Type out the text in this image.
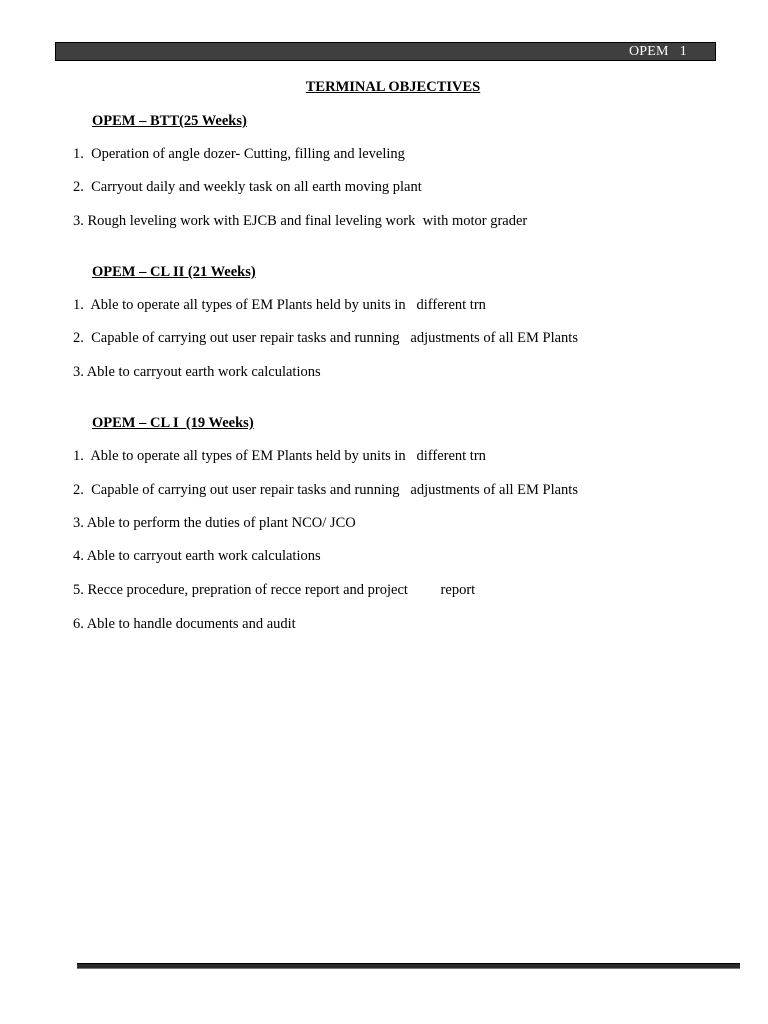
OPEM   1
TERMINAL OBJECTIVES
OPEM – BTT(25 Weeks)
1.  Operation of angle dozer- Cutting, filling and leveling
2.  Carryout daily and weekly task on all earth moving plant
3. Rough leveling work with EJCB and final leveling work  with motor grader
OPEM – CL II (21 Weeks)
1.  Able to operate all types of EM Plants held by units in   different trn
2.  Capable of carrying out user repair tasks and running   adjustments of all EM Plants
3. Able to carryout earth work calculations
OPEM – CL I  (19 Weeks)
1.  Able to operate all types of EM Plants held by units in   different trn
2.  Capable of carrying out user repair tasks and running   adjustments of all EM Plants
3. Able to perform the duties of plant NCO/ JCO
4. Able to carryout earth work calculations
5. Recce procedure, prepration of recce report and project         report
6. Able to handle documents and audit
